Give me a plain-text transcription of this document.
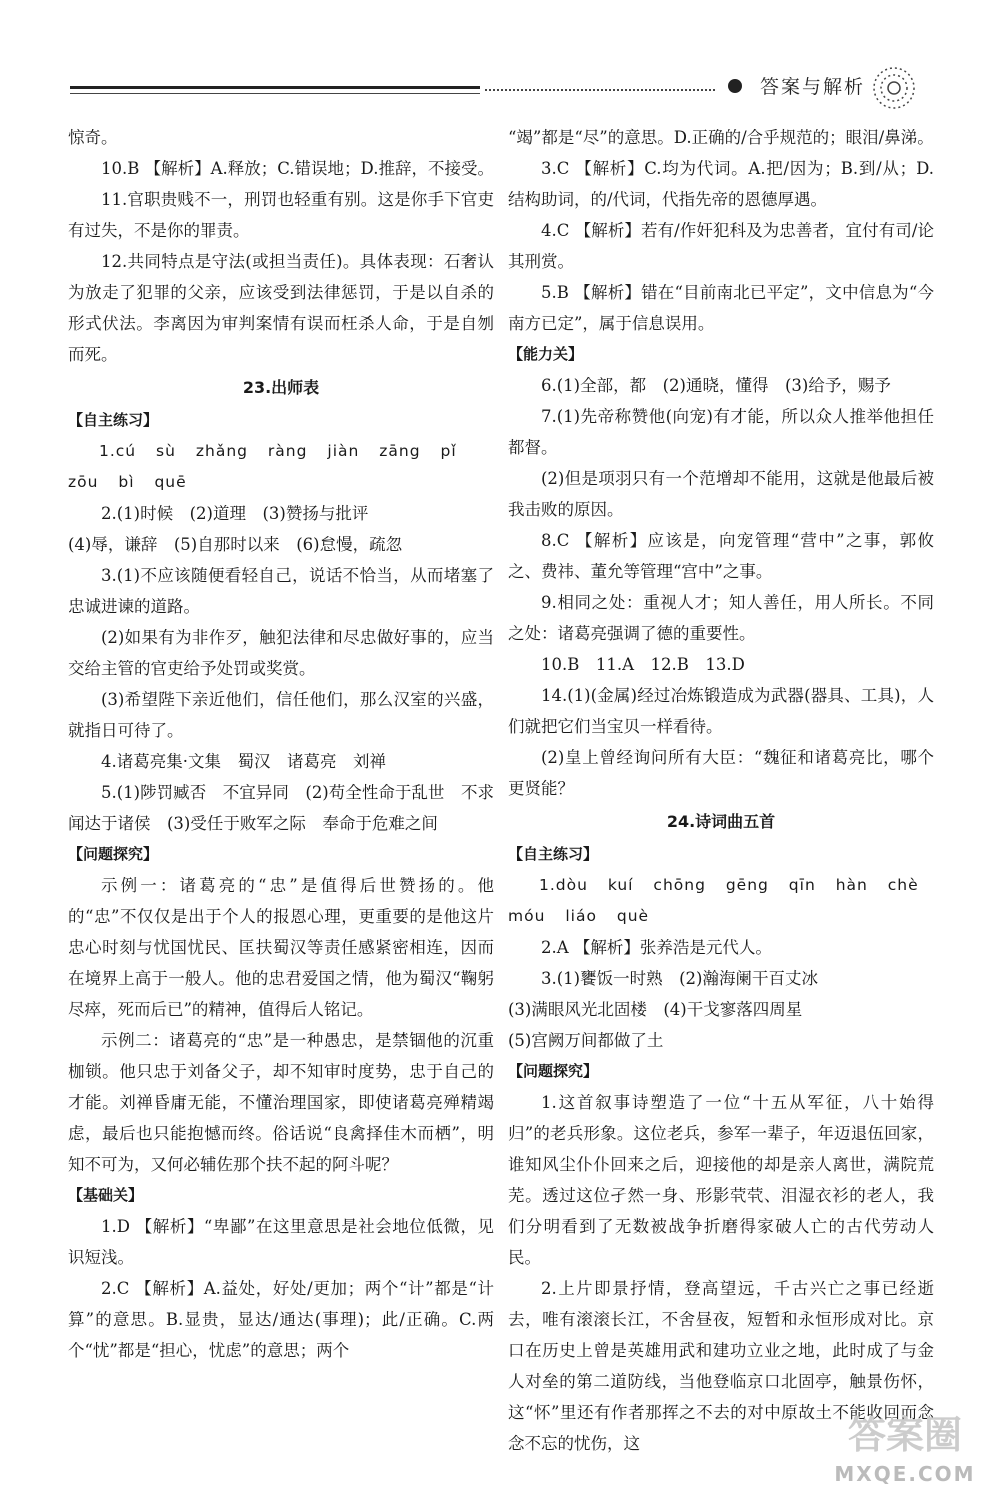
答案与解析

惊奇。

10.B 【解析】A.释放；C.错误地；D.推辞，不接受。

11.官职贵贱不一，刑罚也轻重有别。这是你手下官吏有过失，不是你的罪责。

12.共同特点是守法(或担当责任)。具体表现：石奢认为放走了犯罪的父亲，应该受到法律惩罚，于是以自杀的形式伏法。李离因为审判案情有误而枉杀人命，于是自刎而死。

23.出师表
【自主练习】

1.cú sù zhǎng ràng jiàn zāng pǐ

zōu bì quē

2.(1)时候　(2)道理　(3)赞扬与批评

(4)辱，谦辞　(5)自那时以来　(6)怠慢，疏忽

3.(1)不应该随便看轻自己，说话不恰当，从而堵塞了忠诚进谏的道路。

(2)如果有为非作歹，触犯法律和尽忠做好事的，应当交给主管的官吏给予处罚或奖赏。

(3)希望陛下亲近他们，信任他们，那么汉室的兴盛，就指日可待了。

4.诸葛亮集·文集　蜀汉　诸葛亮　刘禅

5.(1)陟罚臧否　不宜异同　(2)苟全性命于乱世　不求闻达于诸侯　(3)受任于败军之际　奉命于危难之间

【问题探究】

示例一：诸葛亮的“忠”是值得后世赞扬的。他的“忠”不仅仅是出于个人的报恩心理，更重要的是他这片忠心时刻与忧国忧民、匡扶蜀汉等责任感紧密相连，因而在境界上高于一般人。他的忠君爱国之情，他为蜀汉“鞠躬尽瘁，死而后已”的精神，值得后人铭记。

示例二：诸葛亮的“忠”是一种愚忠，是禁锢他的沉重枷锁。他只忠于刘备父子，却不知审时度势，忠于自己的才能。刘禅昏庸无能，不懂治理国家，即使诸葛亮殚精竭虑，最后也只能抱憾而终。俗话说“良禽择佳木而栖”，明知不可为，又何必辅佐那个扶不起的阿斗呢？

【基础关】

1.D 【解析】“卑鄙”在这里意思是社会地位低微，见识短浅。

2.C 【解析】A.益处，好处/更加；两个“计”都是“计算”的意思。B.显贵，显达/通达(事理)；此/正确。C.两个“忧”都是“担心，忧虑”的意思；两个

“竭”都是“尽”的意思。D.正确的/合乎规范的；眼泪/鼻涕。

3.C 【解析】C.均为代词。A.把/因为；B.到/从；D.结构助词，的/代词，代指先帝的恩德厚遇。

4.C 【解析】若有/作奸犯科及为忠善者，宜付有司/论其刑赏。

5.B 【解析】错在“目前南北已平定”，文中信息为“今南方已定”，属于信息误用。

【能力关】

6.(1)全部，都　(2)通晓，懂得　(3)给予，赐予

7.(1)先帝称赞他(向宠)有才能，所以众人推举他担任都督。

(2)但是项羽只有一个范增却不能用，这就是他最后被我击败的原因。

8.C 【解析】应该是，向宠管理“营中”之事，郭攸之、费祎、董允等管理“宫中”之事。

9.相同之处：重视人才；知人善任，用人所长。不同之处：诸葛亮强调了德的重要性。

10.B　11.A　12.B　13.D

14.(1)(金属)经过冶炼锻造成为武器(器具、工具)，人们就把它们当宝贝一样看待。

(2)皇上曾经询问所有大臣：“魏征和诸葛亮比，哪个更贤能？

24.诗词曲五首
【自主练习】

1.dòu kuí chōng gēng qīn hàn chè

móu liáo què

2.A 【解析】张养浩是元代人。

3.(1)饔饭一时熟　(2)瀚海阑干百丈冰

(3)满眼风光北固楼　(4)干戈寥落四周星

(5)宫阙万间都做了土

【问题探究】

1.这首叙事诗塑造了一位“十五从军征，八十始得归”的老兵形象。这位老兵，参军一辈子，年迈退伍回家，谁知风尘仆仆回来之后，迎接他的却是亲人离世，满院荒芜。透过这位孑然一身、形影茕茕、泪湿衣衫的老人，我们分明看到了无数被战争折磨得家破人亡的古代劳动人民。

2.上片即景抒情，登高望远，千古兴亡之事已经逝去，唯有滚滚长江，不舍昼夜，短暂和永恒形成对比。京口在历史上曾是英雄用武和建功立业之地，此时成了与金人对垒的第二道防线，当他登临京口北固亭，触景伤怀，这“怀”里还有作者那挥之不去的对中原故土不能收回而念念不忘的忧伤，这	答案圈
MXQE.COM
